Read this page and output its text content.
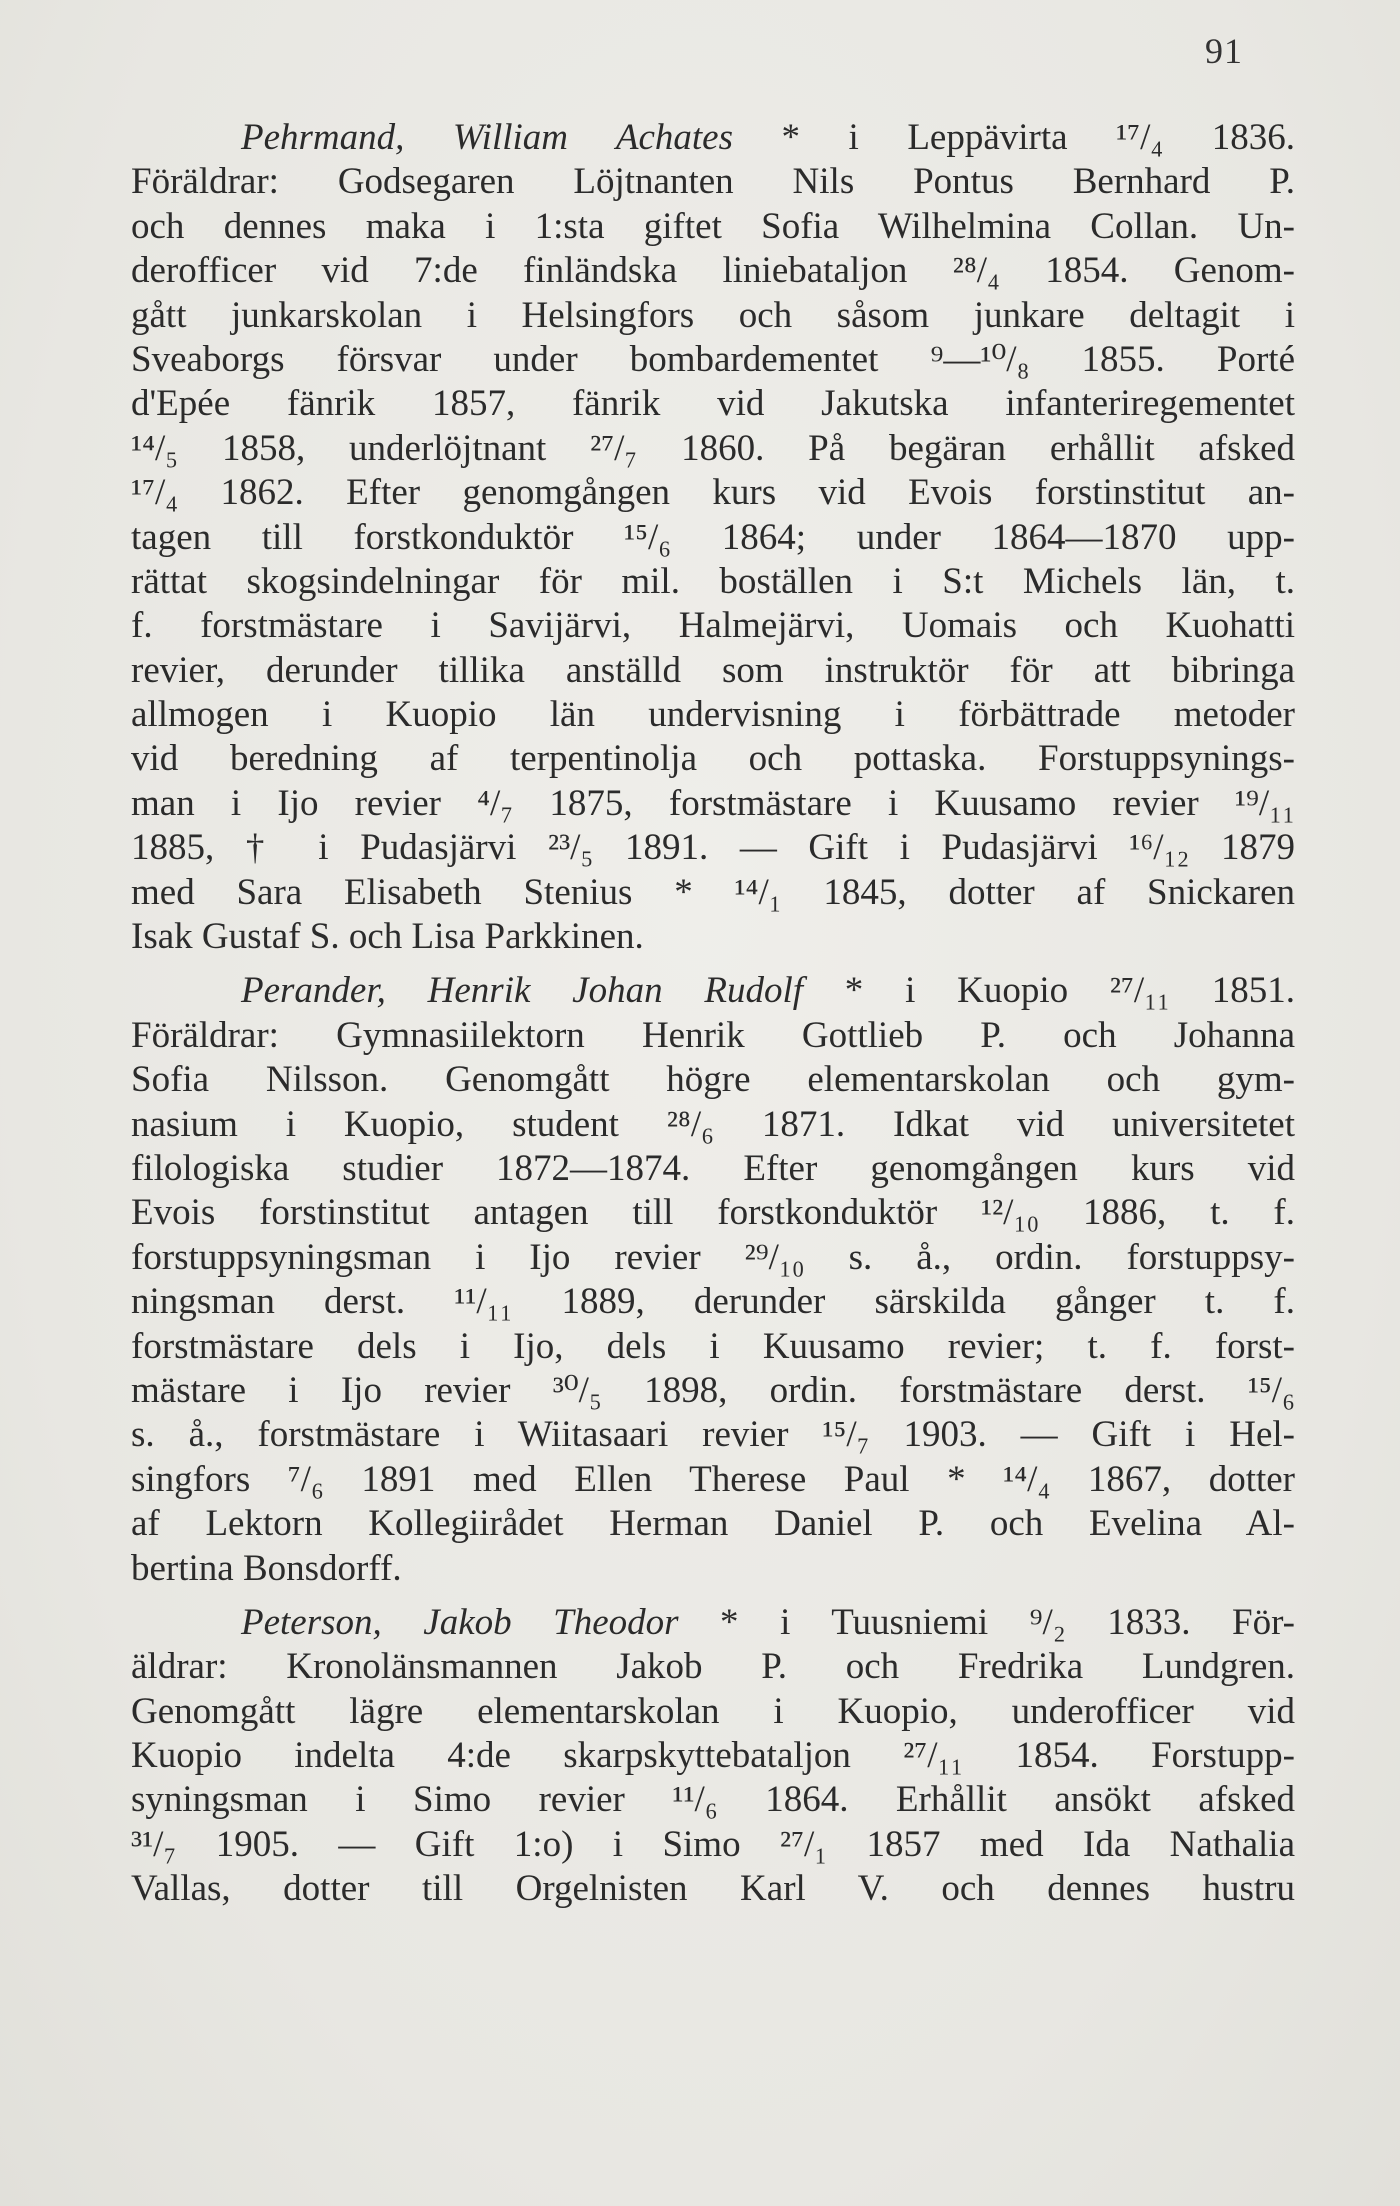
91
Pehrmand, William Achates * i Leppävirta ¹⁷/₄ 1836.
Föräldrar: Godsegaren Löjtnanten Nils Pontus Bernhard P.
och dennes maka i 1:sta giftet Sofia Wilhelmina Collan. Un-
derofficer vid 7:de finländska liniebataljon ²⁸/₄ 1854. Genom-
gått junkarskolan i Helsingfors och såsom junkare deltagit i
Sveaborgs försvar under bombardementet ⁹—¹⁰/₈ 1855. Porté
d'Epée fänrik 1857, fänrik vid Jakutska infanteriregementet
¹⁴/₅ 1858, underlöjtnant ²⁷/₇ 1860. På begäran erhållit afsked
¹⁷/₄ 1862. Efter genomgången kurs vid Evois forstinstitut an-
tagen till forstkonduktör ¹⁵/₆ 1864; under 1864—1870 upp-
rättat skogsindelningar för mil. boställen i S:t Michels län, t.
f. forstmästare i Savijärvi, Halmejärvi, Uomais och Kuohatti
revier, derunder tillika anställd som instruktör för att bibringa
allmogen i Kuopio län undervisning i förbättrade metoder
vid beredning af terpentinolja och pottaska. Forstuppsynings-
man i Ijo revier ⁴/₇ 1875, forstmästare i Kuusamo revier ¹⁹/₁₁
1885, † i Pudasjärvi ²³/₅ 1891. — Gift i Pudasjärvi ¹⁶/₁₂ 1879
med Sara Elisabeth Stenius * ¹⁴/₁ 1845, dotter af Snickaren
Isak Gustaf S. och Lisa Parkkinen.
Perander, Henrik Johan Rudolf * i Kuopio ²⁷/₁₁ 1851.
Föräldrar: Gymnasiilektorn Henrik Gottlieb P. och Johanna
Sofia Nilsson. Genomgått högre elementarskolan och gym-
nasium i Kuopio, student ²⁸/₆ 1871. Idkat vid universitetet
filologiska studier 1872—1874. Efter genomgången kurs vid
Evois forstinstitut antagen till forstkonduktör ¹²/₁₀ 1886, t. f.
forstuppsyningsman i Ijo revier ²⁹/₁₀ s. å., ordin. forstuppsy-
ningsman derst. ¹¹/₁₁ 1889, derunder särskilda gånger t. f.
forstmästare dels i Ijo, dels i Kuusamo revier; t. f. forst-
mästare i Ijo revier ³⁰/₅ 1898, ordin. forstmästare derst. ¹⁵/₆
s. å., forstmästare i Wiitasaari revier ¹⁵/₇ 1903. — Gift i Hel-
singfors ⁷/₆ 1891 med Ellen Therese Paul * ¹⁴/₄ 1867, dotter
af Lektorn Kollegiirådet Herman Daniel P. och Evelina Al-
bertina Bonsdorff.
Peterson, Jakob Theodor * i Tuusniemi ⁹/₂ 1833. För-
äldrar: Kronolänsmannen Jakob P. och Fredrika Lundgren.
Genomgått lägre elementarskolan i Kuopio, underofficer vid
Kuopio indelta 4:de skarpskyttebataljon ²⁷/₁₁ 1854. Forstupp-
syningsman i Simo revier ¹¹/₆ 1864. Erhållit ansökt afsked
³¹/₇ 1905. — Gift 1:o) i Simo ²⁷/₁ 1857 med Ida Nathalia
Vallas, dotter till Orgelnisten Karl V. och dennes hustru
